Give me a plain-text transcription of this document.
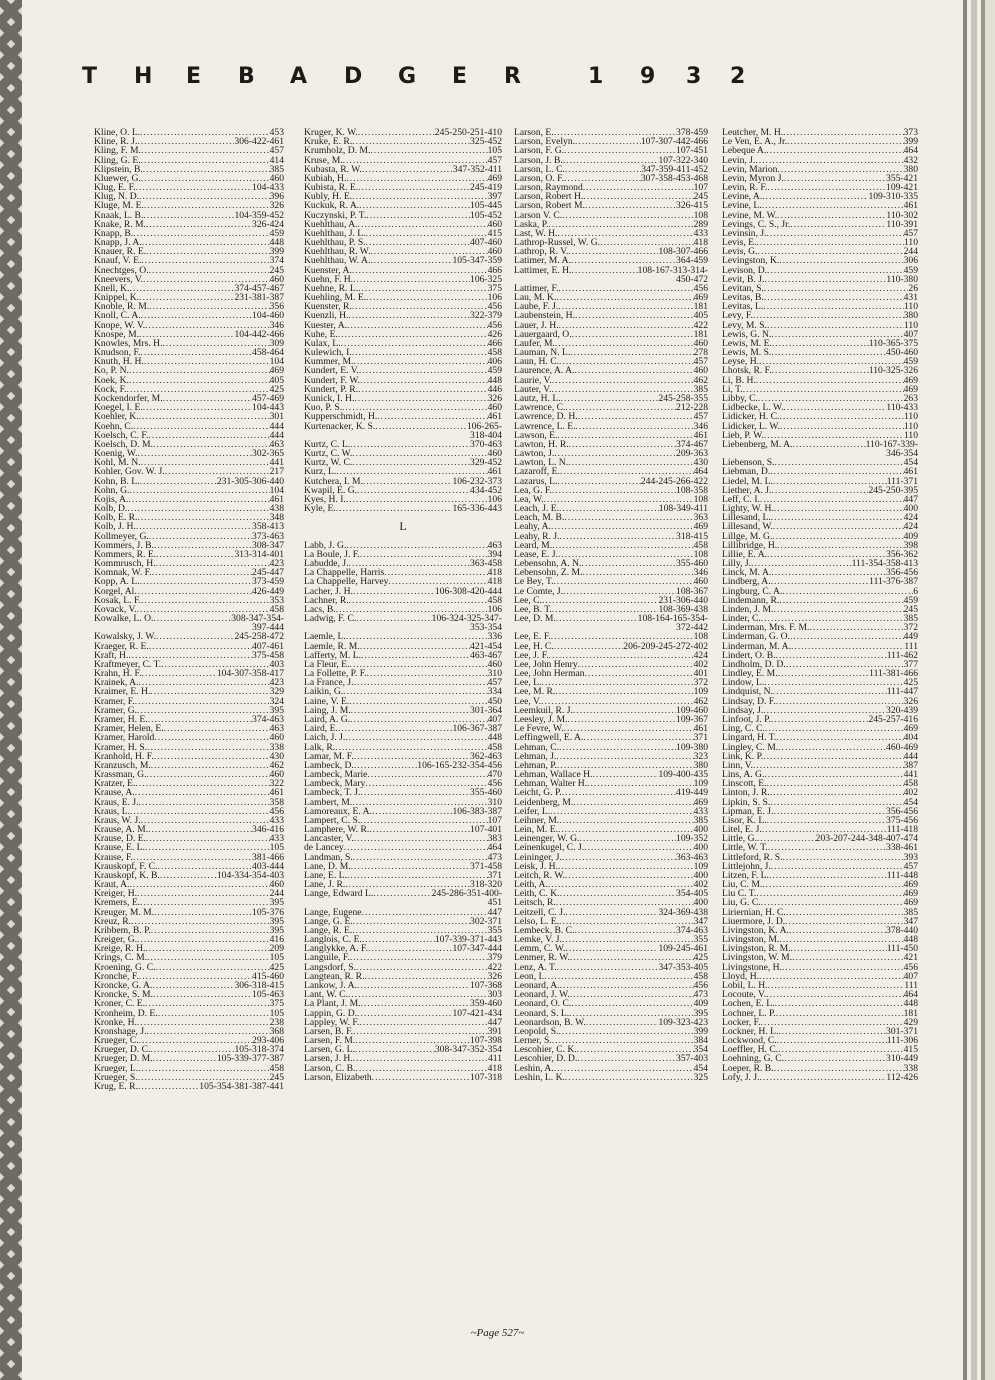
T H E B A D G E R	1 9 3 2
Kline, O. L. .....	453
Kline, R. J. .....	306-422-461
Kling, F. M. .....	457
Kling, G. E. .....	414
Klipstein, B. .....	385
Kluewer, G. .....	460
Klug, E. F. .....	104-433
Klug, N. D. .....	396
Kluge, M. E. .....	326
Knaak, L. B. .....	104-359-452
Knake, R. M. .....	326-424
Knapp, B. .....	459
Knapp, J. A. .....	448
Knauer, R. E. .....	399
Knauf, V. E. .....	374
Knechtges, O. .....	245
Kneevers, V. .....	460
Knell, K. .....	374-457-467
Knippel, K. .....	231-381-387
Knoble, R. M. .....	356
Knoll, C. A. .....	104-460
Knope, W. V. .....	346
Knospe, M. .....	104-442-466
Knowles, Mrs. H. .....	309
Knudson, F. .....	458-464
Knuth, H. H. .....	104
Ko, P. N. .....	469
Koek, K. .....	405
Kock, F. .....	425
Kockendorfer, M. .....	457-469
Koegel, I. E. .....	104-443
Koehler, K. .....	301
Koehn, C. .....	444
Koelsch, C. F. .....	444
Koelsch, D. M. .....	463
Koenig, W. .....	302-365
Kohl, M. N. .....	441
Kohler, Gov. W. J. .....	217
Kohn, B. L. .....	231-305-306-440
Kohn, G. .....	104
Kojis, A. .....	461
Kolb, D. .....	438
Kolb, E. R. .....	348
Kolb, J. H. .....	358-413
Kollmeyer, G. .....	373-463
Kommers, J. B. .....	308-347
Kommers, R. E. .....	313-314-401
Kommrusch, H. .....	423
Komnak, W. F. .....	245-447
Kopp, A. L. .....	373-459
Korgel, Al .....	426-449
Kosak, L. F. .....	353
Kovack, V. .....	458
Kowalke, L. O. .....	308-347-354-
397-444
Kowalsky, J. W. .....	245-258-472
Kraeger, R. E. .....	407-461
Kraft, H. .....	375-458
Kraftmeyer, C. T. .....	403
Krahn, H. F. .....	104-307-358-417
Krainek, A. .....	423
Kraimer, E. H. .....	329
Kramer, F. .....	324
Kramer, G. .....	395
Kramer, H. E. .....	374-463
Kramer, Helen, E. .....	463
Kramer, Harold .....	460
Kramer, H. S. .....	338
Kranhold, H. F. .....	430
Kranzusch, M. .....	462
Krassman, G. .....	460
Kratzer, E. .....	322
Krause, A. .....	461
Kraus, E. J. .....	358
Kraus, L. .....	456
Kraus, W. J. .....	433
Krause, A. M. .....	346-416
Krause, D. E. .....	433
Krause, E. L. .....	105
Krause, F. .....	381-466
Krauskopf, F. C. .....	403-444
Krauskopf, K. B. .....	104-334-354-403
Kraut, A. .....	460
Kreiger, H. .....	244
Kremers, E. .....	395
Kreuger, M. M. .....	105-376
Kreuz, R. .....	395
Kribbem, B. P. .....	395
Kreiger, G. .....	416
Kreige, R. H. .....	209
Krings, C. M. .....	105
Kroening, G. C. .....	425
Kronche, F. .....	415-460
Kroncke, G. A. .....	306-318-415
Kroncke, S. M. .....	105-463
Kroner, C. E. .....	375
Kronheim, D. E. .....	105
Kronke, H. .....	238
Kronshage, J. .....	368
Krueger, C. .....	293-406
Krueger, D. C. .....	105-318-374
Krueger, D. M. .....	105-339-377-387
Krueger, L. .....	458
Krueger, S. .....	245
Krug, E. R. .....	105-354-381-387-441
Kruger, K. W. .....	245-250-251-410
Kruke, E. R. .....	325-452
Krumholz, D. M. .....	105
Kruse, M. .....	457
Kubasta, R. W. .....	347-352-411
Kubiah, H. .....	469
Kubista, R. E. .....	245-419
Kubly, H. E. .....	397
Kuckuk, R. A. .....	105-445
Kuczynski, P. T. .....	105-452
Kuehlthau, A. .....	460
Kuehlthau, J. L. .....	415
Kuehlthau, P. S. .....	407-460
Kuehlthau, R. W. .....	460
Kuehlthau, W. A. .....	105-347-359
Kuenster, A. .....	466
Kuehn, F. H. .....	106-325
Kuehne, R. L. .....	375
Kuehling, M. E. .....	106
Kuenster, R. .....	456
Kuenzli, H. .....	322-379
Kuester, A. .....	456
Kuhe, E. .....	426
Kulax, L. .....	466
Kulewich, I. .....	458
Kummer, M. .....	406
Kundert, E. V. .....	459
Kundert, F. W. .....	448
Kundert, P. R. .....	446
Kunick, I. H. .....	326
Kuo, P. S. .....	460
Kupperschmidt, H. .....	461
Kurtenacker, K. S. .....	106-265-
318-404
Kurtz, C. L. .....	370-463
Kurtz, C. W. .....	460
Kurtz, W. C. .....	329-452
Kurz, L. .....	461
Kutchera, I. M. .....	106-232-373
Kwapil, E. G. .....	434-452
Kyes, H. I. .....	106
Kyle, E. .....	165-336-443
L
Labb, J. G. .....	463
La Boule, J. F. .....	394
Labudde, J. .....	363-458
La Chappelle, Harris .....	418
La Chappelle, Harvey .....	418
Lacher, J. H. .....	106-308-420-444
Lachner, R. .....	458
Lacs, B. .....	106
Ladwig, F. C. .....	106-324-325-347-
353-354
Laemle, L. .....	336
Laemle, R. M. .....	421-454
Lafferty, M. L. .....	463-467
La Fleur, E. .....	460
La Follette, P. F. .....	310
La France, J. .....	457
Laikin, G. .....	334
Laine, V. E. .....	450
Laing, J. M. .....	301-364
Laird, A. G. .....	407
Laird, E. .....	106-367-387
Laich, J. J. .....	448
Lalk, R. .....	458
Lamar, M. F. .....	362-463
Lambeck, D. .....	106-165-232-354-456
Lambeck, Marie .....	470
Lambeck, Mary .....	456
Lambeck, T. J. .....	355-460
Lambert, M. .....	310
Lamoreaux, E. A. .....	106-383-387
Lampert, C. S. .....	107
Lamphere, W. R. .....	107-401
Lancaster, V. .....	383
de Lancey .....	464
Landman, S. .....	473
Lane, D. M. .....	371-458
Lane, E. L. .....	371
Lane, J. R. .....	318-320
Lange, Edward L. .....	245-286-351-400-
451
Lange, Eugene .....	447
Lange, G. E. .....	302-371
Lange, R. E. .....	355
Langlois, C. E. .....	107-339-371-443
Langlykke, A. F. .....	107-347-444
Languile, F. .....	379
Langsdorf, S. .....	422
Langtean, R. R. .....	326
Lankow, J. A. .....	107-368
Lant, W. C. .....	303
La Plant, J. M. .....	359-460
Lappin, G. D. .....	107-421-434
Lappley, W. F. .....	447
Larsen, B. F. .....	391
Larsen, F. M. .....	107-398
Larsen, G. L. .....	308-347-352-354
Larsen, J. H. .....	411
Larson, C. B. .....	418
Larson, Elizabeth .....	107-318
Larson, E. .....	378-459
Larson, Evelyn. .....	107-307-442-466
Larson, F. G. .....	107-451
Larson, J. B. .....	107-322-340
Larson, L. C. .....	347-359-411-452
Larson, O. F. .....	307-358-453-468
Larson, Raymond .....	107
Larson, Robert H. .....	245
Larson, Robert M. .....	326-415
Larson V. C. .....	108
Laska, P. .....	289
Last, W. H. .....	433
Lathrop-Russel, W. G. .....	418
Lathrop, R. V. .....	108-307-466
Latimer, M. A. .....	364-459
Lattimer, E. H. .....	108-167-313-314-
450-472
Lattimer, F. .....	456
Lau, M. K. .....	469
Laube, F. J. .....	181
Laubenstein, H. .....	405
Lauer, J. H. .....	422
Lauergaard, O. .....	181
Laufer, M. .....	460
Lauman, N. L. .....	278
Laun, H. C. .....	457
Laurence, A. A. .....	460
Laurie, V. .....	462
Lauter, V. .....	385
Lautz, H. L. .....	245-258-355
Lawrence, C. .....	212-228
Lawrence, D. H. .....	457
Lawrence, L. E. .....	346
Lawson, E. .....	461
Lawton, H. R. .....	374-467
Lawton, J. .....	209-363
Lawton, L. N. .....	430
Lazaroff, E. .....	464
Lazarus, L. .....	244-245-266-422
Lea, G. F. .....	108-358
Lea, W. .....	108
Leach, J. E. .....	108-349-411
Leach, M. B. .....	363
Leahy, A. .....	469
Leahy, R. J. .....	318-415
Leard, M. .....	458
Lease, E. J. .....	108
Lebensohn, A. N. .....	355-460
Lebensohn, Z. M. .....	346
Le Bey, T. .....	460
Le Comte, J. .....	108-367
Lee, C. .....	231-306-440
Lee, B. T. .....	108-369-438
Lee, D. M. .....	108-164-165-354-
372-442
Lee, E. F. .....	108
Lee, H. C. .....	206-209-245-272-402
Lee, J. F. .....	424
Lee, John Henry .....	402
Lee, John Herman .....	401
Lee, L. .....	372
Lee, M. R. .....	109
Lee, V. .....	462
Leemkuil, R. J. .....	109-460
Leesley, J. M. .....	109-367
Le Fevre, W. .....	461
Leffingwell, E. A. .....	371
Lehman, C. .....	109-380
Lehman, J. .....	323
Lehman, P. .....	380
Lehman, Wallace H. .....	109-400-435
Lehman, Walter H. .....	109
Leicht, G. P. .....	419-449
Leidenberg, M. .....	469
Leifer, L. .....	433
Leihner, M. .....	385
Lein, M. E. .....	400
Leinenger, W. G. .....	109-352
Leinenkugel, C. J. .....	400
Leininger, J. .....	363-463
Leisk, J. H. .....	109
Leitch, R. W. .....	400
Leith, A. .....	402
Leith, C. K. .....	354-405
Leitsch, R. .....	400
Leitzell, C. J. .....	324-369-438
Lelso, L. E. .....	347
Lembeck, B. C. .....	374-463
Lemke, V. J. .....	355
Lemm, C. W. .....	109-245-461
Lenmer, R. W. .....	425
Lenz, A. T. .....	347-353-405
Leon, I. .....	458
Leonard, A. .....	456
Leonard, J. W. .....	473
Leonard, O. C. .....	409
Leonard, S. L. .....	395
Leonardson, B. W. .....	109-323-423
Leopold, S. .....	399
Lerner, S. .....	384
Lescohier, C. K. .....	354
Lescohier, D. D. .....	357-403
Leshin, A. .....	454
Leshin, L. K. .....	325
Leutcher, M. H. .....	373
Le Ven, E. A., Jr. .....	399
Lebeque A. .....	464
Levin, J. .....	432
Levin, Marion .....	380
Levin, Myron J. .....	355-421
Levin, R. F. .....	109-421
Levine, A. .....	109-310-335
Levine, L. .....	461
Levine, M. W. .....	110-302
Levings, C. S., Jr. .....	110-391
Levinsin, J. .....	457
Levis, E. .....	110
Levis, G. .....	244
Levingston, K. .....	306
Levison, D. .....	459
Levit, B. J. .....	110-380
Levitan, S. .....	26
Levitas, B. .....	431
Levitas, L. .....	110
Levy, F. .....	380
Levy, M. S. .....	110
Lewis, G. N. .....	407
Lewis, M. E. .....	110-365-375
Lewis, M. S. .....	450-460
Leyse, H. .....	459
Lhotsk, R. F. .....	110-325-326
Li, B. H. .....	469
Li, T. .....	469
Libby, C. .....	263
Lidbecke, L. W. .....	110-433
Lidicker, H. C. .....	110
Lidicker, L. W. .....	110
Lieb, P. W. .....	110
Liebenberg, M. A. .....	110-167-339-
346-354
Liebenson, S. .....	454
Liebman, D. .....	461
Liedel, M. L. .....	111-371
Liether, A. J. .....	245-250-395
Leff, C. I. .....	447
Lighty, W. H. .....	400
Lillesand, L. .....	424
Lillesand, W. .....	424
Lillge, M. G. .....	409
Lillibridge, H. .....	398
Lillie, E. A. .....	356-362
Lilly, J. .....	111-354-358-413
Linck, M. A. .....	356-456
Lindberg, A. .....	111-376-387
Lingburg, C. A. .....	6
Lindemann, R. .....	459
Linden, J. M. .....	245
Linder, C. .....	385
Linderman, Mrs. F. M. .....	372
Linderman, G. O. .....	449
Linderman, M. A. .....	111
Lindert, O. B. .....	111-462
Lindholm, D. D. .....	377
Lindley, E. M. .....	111-381-466
Lindow, L. .....	425
Lindquist, N. .....	111-447
Lindsay, D. F. .....	326
Lindsay, J. .....	320-439
Linfoot, J. P. .....	245-257-416
Ling, C. C. .....	469
Lingard, H. T. .....	404
Lingley, C. M. .....	460-469
Link, K. P. .....	444
Linn, V. .....	387
Lins, A. G. .....	441
Linscott, E. .....	458
Linton, J. R. .....	402
Lipkin, S. S. .....	454
Lipman, E. J. .....	356-456
Lisor, K. L. .....	375-456
Litel, E. J. .....	111-418
Little, G. .....	203-207-244-348-407-474
Little, W. T. .....	338-461
Littleford, R. S. .....	393
Littlejohn, J. .....	457
Litzen, F. L. .....	111-448
Liu, C. M. .....	469
Liu C. T. .....	469
Liu, G. C. .....	469
Liriernian, H. C. .....	385
Liuermore, J. D. .....	347
Livingston, K. A. .....	378-440
Livingston, M. .....	448
Livingston, R. M. .....	111-450
Livingston, W. M. .....	421
Livingstone, H. .....	456
Lloyd, H. .....	407
Lobil, L. H. .....	111
Locoute, V. .....	464
Lochen, E. L. .....	448
Lochner, L. P. .....	181
Locker, F. .....	429
Lockner, H. L. .....	301-371
Lockwood, C. .....	111-306
Loeffler, H. C. .....	415
Loehning, G. C. .....	310-449
Loeper, R. B. .....	338
Lofy, J. J. .....	112-426
~Page 527~
